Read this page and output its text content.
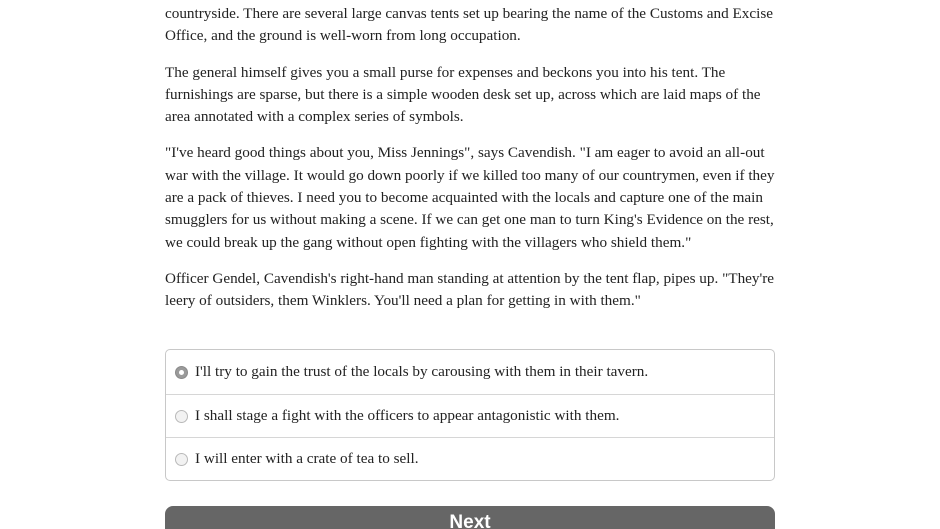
countryside. There are several large canvas tents set up bearing the name of the Customs and Excise Office, and the ground is well-worn from long occupation.

The general himself gives you a small purse for expenses and beckons you into his tent. The furnishings are sparse, but there is a simple wooden desk set up, across which are laid maps of the area annotated with a complex series of symbols.

"I've heard good things about you, Miss Jennings", says Cavendish. "I am eager to avoid an all-out war with the village. It would go down poorly if we killed too many of our countrymen, even if they are a pack of thieves. I need you to become acquainted with the locals and capture one of the main smugglers for us without making a scene. If we can get one man to turn King's Evidence on the rest, we could break up the gang without open fighting with the villagers who shield them."

Officer Gendel, Cavendish's right-hand man standing at attention by the tent flap, pipes up. "They're leery of outsiders, them Winklers. You'll need a plan for getting in with them."

I'll try to gain the trust of the locals by carousing with them in their tavern.
I shall stage a fight with the officers to appear antagonistic with them.
I will enter with a crate of tea to sell.
Next
